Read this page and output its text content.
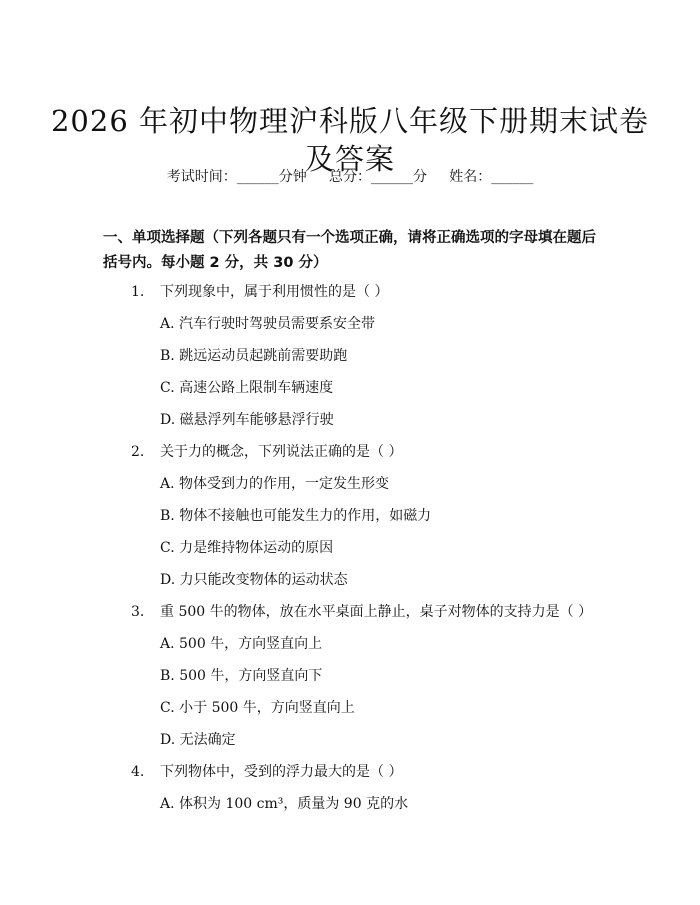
2026 年初中物理沪科版八年级下册期末试卷
及答案
考试时间：______分钟     总分：______分     姓名：______

一、单项选择题（下列各题只有一个选项正确，请将正确选项的字母填在题后括号内。每小题 2 分，共 30 分）

1.	下列现象中，属于利用惯性的是（ ）
A. 汽车行驶时驾驶员需要系安全带
B. 跳远运动员起跳前需要助跑
C. 高速公路上限制车辆速度
D. 磁悬浮列车能够悬浮行驶
2.	关于力的概念，下列说法正确的是（ ）
A. 物体受到力的作用，一定发生形变
B. 物体不接触也可能发生力的作用，如磁力
C. 力是维持物体运动的原因
D. 力只能改变物体的运动状态
3.	重 500 牛的物体，放在水平桌面上静止，桌子对物体的支持力是（ ）
A. 500 牛，方向竖直向上
B. 500 牛，方向竖直向下
C. 小于 500 牛，方向竖直向上
D. 无法确定
4.	下列物体中，受到的浮力最大的是（ ）
A. 体积为 100 cm³，质量为 90 克的水
